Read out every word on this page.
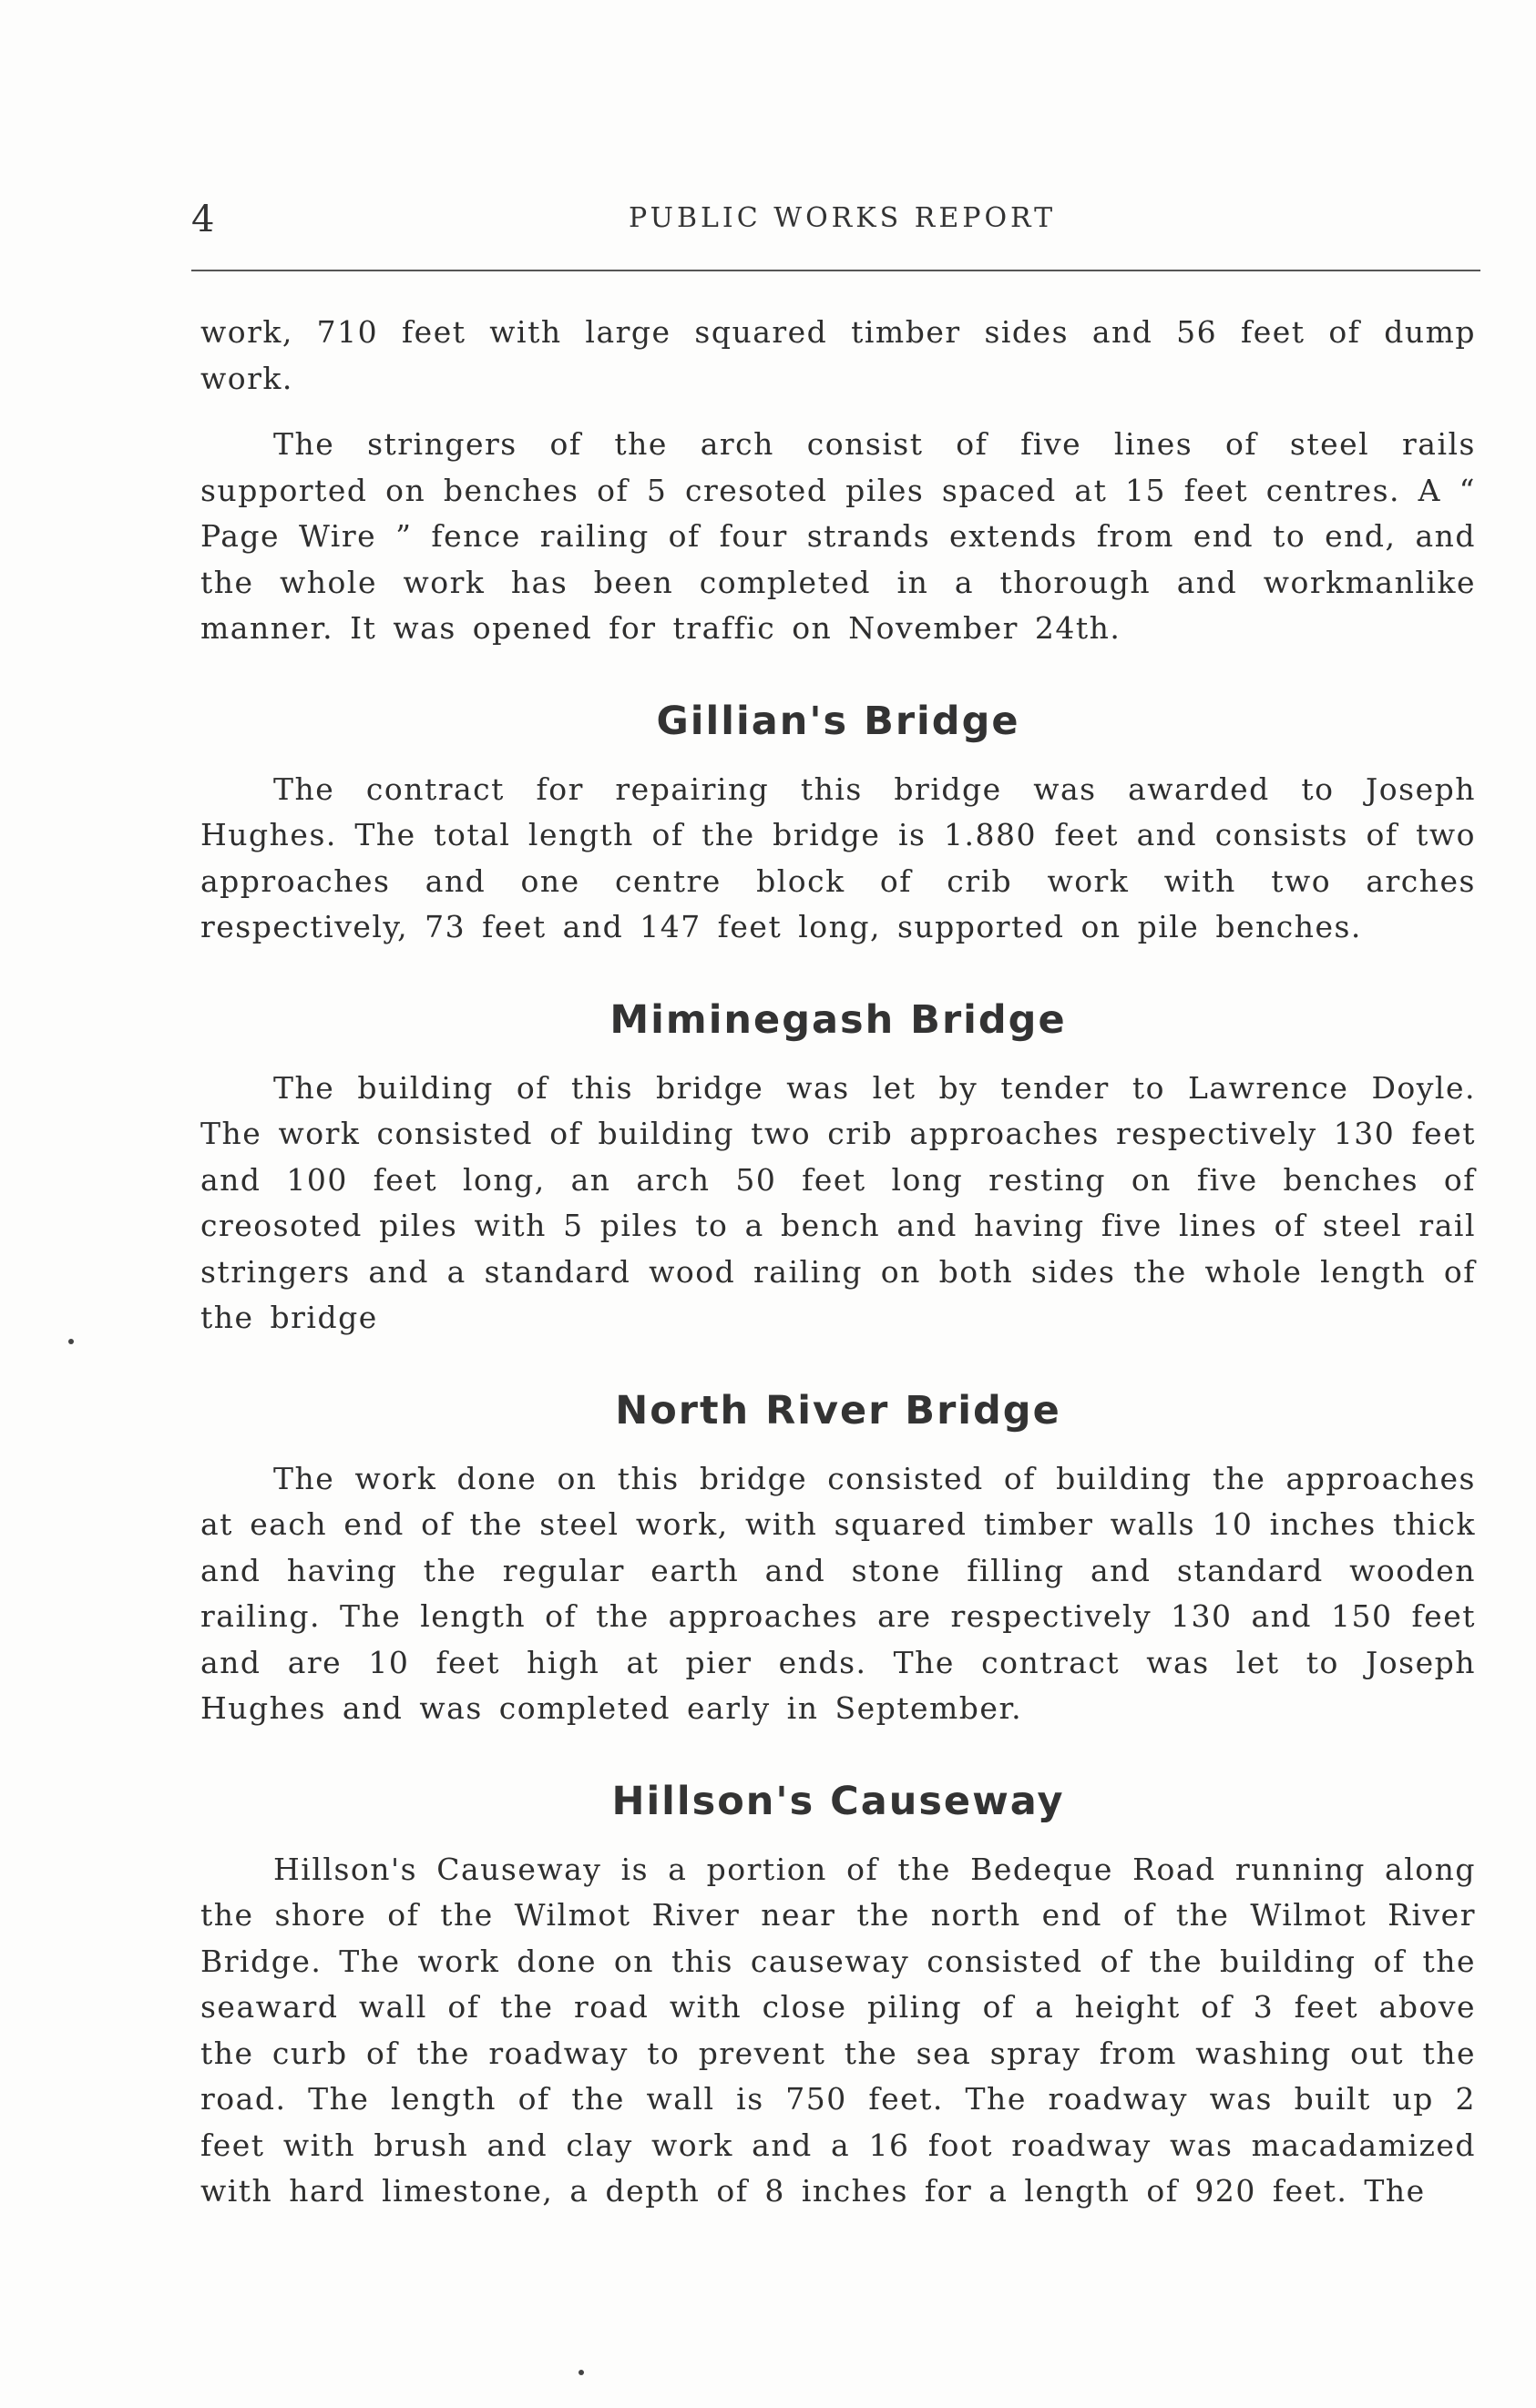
4	PUBLIC WORKS REPORT

work, 710 feet with large squared timber sides and 56 feet of dump work.

The stringers of the arch consist of five lines of steel rails supported on benches of 5 cresoted piles spaced at 15 feet centres. A “ Page Wire ” fence railing of four strands extends from end to end, and the whole work has been completed in a thorough and workmanlike manner. It was opened for traffic on November 24th.

Gillian's Bridge

The contract for repairing this bridge was awarded to Joseph Hughes. The total length of the bridge is 1.880 feet and consists of two approaches and one centre block of crib work with two arches respectively, 73 feet and 147 feet long, supported on pile benches.

Miminegash Bridge

The building of this bridge was let by tender to Lawrence Doyle. The work consisted of building two crib approaches respectively 130 feet and 100 feet long, an arch 50 feet long resting on five benches of creosoted piles with 5 piles to a bench and having five lines of steel rail stringers and a standard wood railing on both sides the whole length of the bridge

North River Bridge

The work done on this bridge consisted of building the approaches at each end of the steel work, with squared timber walls 10 inches thick and having the regular earth and stone filling and standard wooden railing. The length of the approaches are respectively 130 and 150 feet and are 10 feet high at pier ends. The contract was let to Joseph Hughes and was completed early in September.

Hillson's Causeway

Hillson's Causeway is a portion of the Bedeque Road running along the shore of the Wilmot River near the north end of the Wilmot River Bridge. The work done on this causeway consisted of the building of the seaward wall of the road with close piling of a height of 3 feet above the curb of the roadway to prevent the sea spray from washing out the road. The length of the wall is 750 feet. The roadway was built up 2 feet with brush and clay work and a 16 foot roadway was macadamized with hard limestone, a depth of 8 inches for a length of 920 feet. The
